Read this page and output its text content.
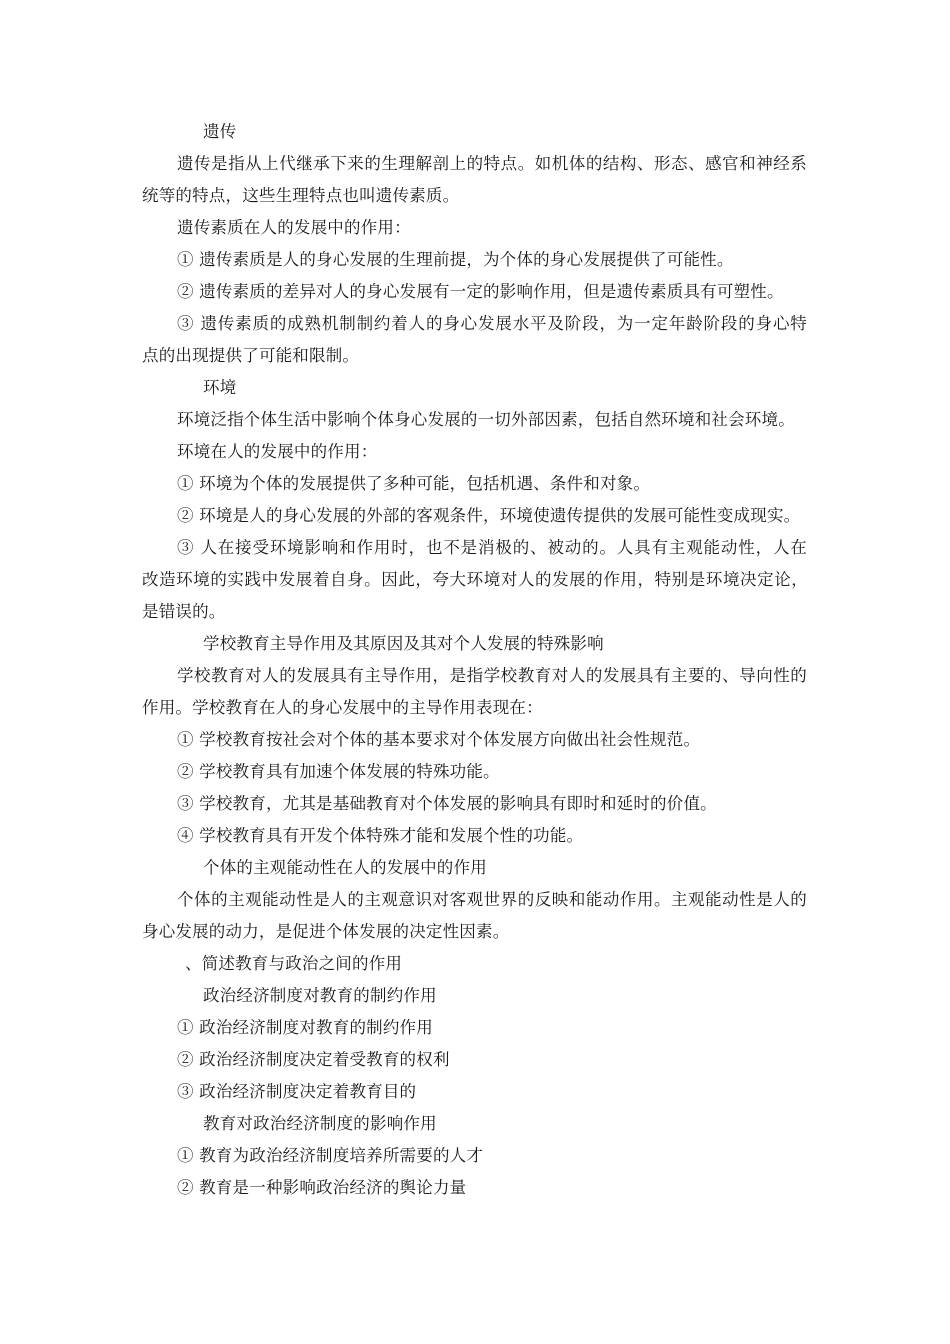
遗传
遗传是指从上代继承下来的生理解剖上的特点。如机体的结构、形态、感官和神经系
统等的特点，这些生理特点也叫遗传素质。
遗传素质在人的发展中的作用：
① 遗传素质是人的身心发展的生理前提，为个体的身心发展提供了可能性。
② 遗传素质的差异对人的身心发展有一定的影响作用，但是遗传素质具有可塑性。
③ 遗传素质的成熟机制制约着人的身心发展水平及阶段，为一定年龄阶段的身心特
点的出现提供了可能和限制。
环境
环境泛指个体生活中影响个体身心发展的一切外部因素，包括自然环境和社会环境。
环境在人的发展中的作用：
① 环境为个体的发展提供了多种可能，包括机遇、条件和对象。
② 环境是人的身心发展的外部的客观条件，环境使遗传提供的发展可能性变成现实。
③ 人在接受环境影响和作用时，也不是消极的、被动的。人具有主观能动性，人在
改造环境的实践中发展着自身。因此，夸大环境对人的发展的作用，特别是环境决定论，
是错误的。
学校教育主导作用及其原因及其对个人发展的特殊影响
学校教育对人的发展具有主导作用，是指学校教育对人的发展具有主要的、导向性的
作用。学校教育在人的身心发展中的主导作用表现在：
① 学校教育按社会对个体的基本要求对个体发展方向做出社会性规范。
② 学校教育具有加速个体发展的特殊功能。
③ 学校教育，尤其是基础教育对个体发展的影响具有即时和延时的价值。
④ 学校教育具有开发个体特殊才能和发展个性的功能。
个体的主观能动性在人的发展中的作用
个体的主观能动性是人的主观意识对客观世界的反映和能动作用。主观能动性是人的
身心发展的动力，是促进个体发展的决定性因素。
、简述教育与政治之间的作用
政治经济制度对教育的制约作用
① 政治经济制度对教育的制约作用
② 政治经济制度决定着受教育的权利
③ 政治经济制度决定着教育目的
教育对政治经济制度的影响作用
① 教育为政治经济制度培养所需要的人才
② 教育是一种影响政治经济的舆论力量
